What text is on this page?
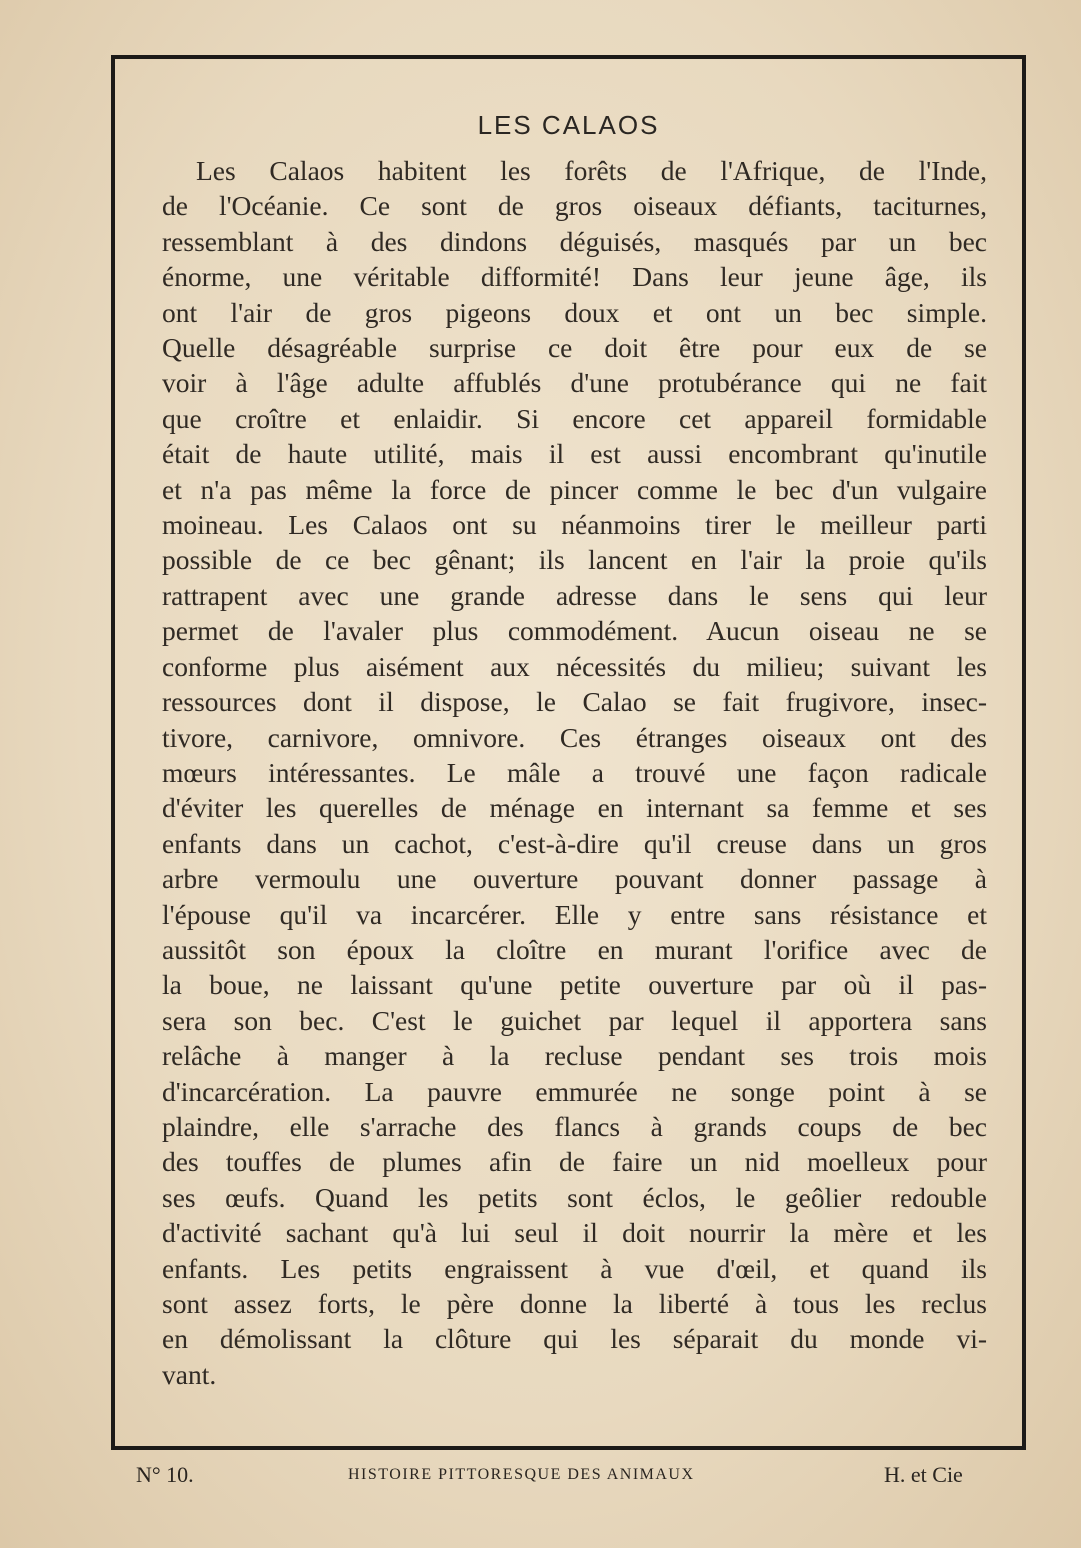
LES CALAOS
Les Calaos habitent les forêts de l'Afrique, de l'Inde,
de l'Océanie. Ce sont de gros oiseaux défiants, taciturnes,
ressemblant à des dindons déguisés, masqués par un bec
énorme, une véritable difformité! Dans leur jeune âge, ils
ont l'air de gros pigeons doux et ont un bec simple.
Quelle désagréable surprise ce doit être pour eux de se
voir à l'âge adulte affublés d'une protubérance qui ne fait
que croître et enlaidir. Si encore cet appareil formidable
était de haute utilité, mais il est aussi encombrant qu'inutile
et n'a pas même la force de pincer comme le bec d'un vulgaire
moineau. Les Calaos ont su néanmoins tirer le meilleur parti
possible de ce bec gênant; ils lancent en l'air la proie qu'ils
rattrapent avec une grande adresse dans le sens qui leur
permet de l'avaler plus commodément. Aucun oiseau ne se
conforme plus aisément aux nécessités du milieu; suivant les
ressources dont il dispose, le Calao se fait frugivore, insec-
tivore, carnivore, omnivore. Ces étranges oiseaux ont des
mœurs intéressantes. Le mâle a trouvé une façon radicale
d'éviter les querelles de ménage en internant sa femme et ses
enfants dans un cachot, c'est-à-dire qu'il creuse dans un gros
arbre vermoulu une ouverture pouvant donner passage à
l'épouse qu'il va incarcérer. Elle y entre sans résistance et
aussitôt son époux la cloître en murant l'orifice avec de
la boue, ne laissant qu'une petite ouverture par où il pas-
sera son bec. C'est le guichet par lequel il apportera sans
relâche à manger à la recluse pendant ses trois mois
d'incarcération. La pauvre emmurée ne songe point à se
plaindre, elle s'arrache des flancs à grands coups de bec
des touffes de plumes afin de faire un nid moelleux pour
ses œufs. Quand les petits sont éclos, le geôlier redouble
d'activité sachant qu'à lui seul il doit nourrir la mère et les
enfants. Les petits engraissent à vue d'œil, et quand ils
sont assez forts, le père donne la liberté à tous les reclus
en démolissant la clôture qui les séparait du monde vi-
vant.
N° 10.	HISTOIRE PITTORESQUE DES ANIMAUX	H. et Cie
